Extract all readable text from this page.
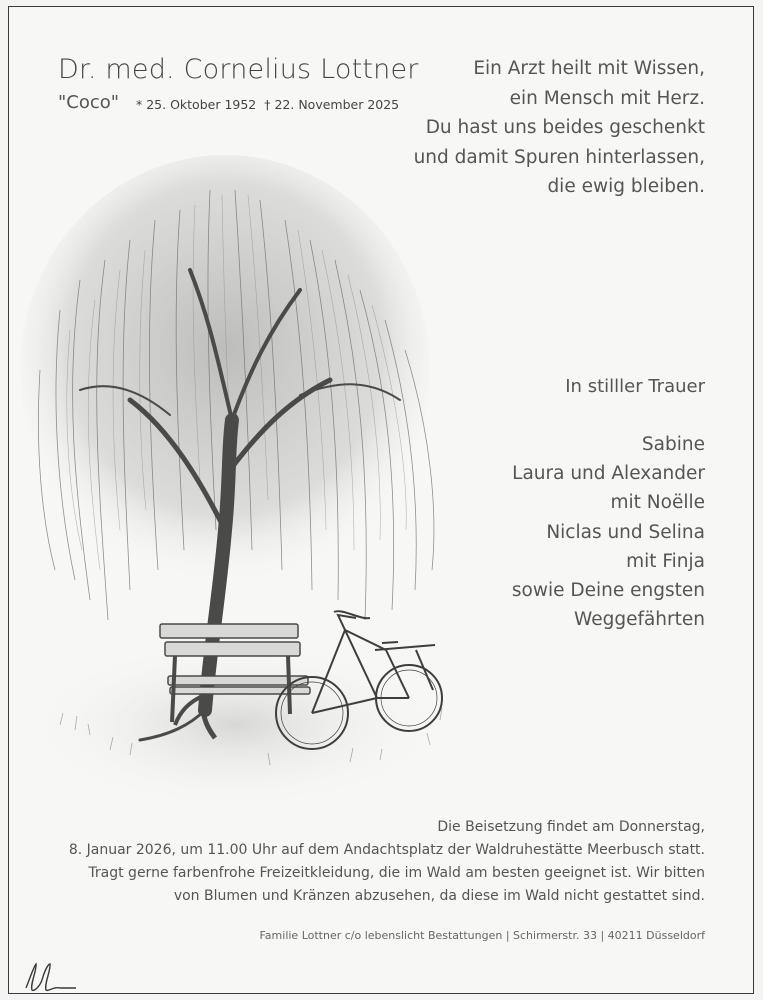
Dr. med. Cornelius Lottner
"Coco" * 25. Oktober 1952 † 22. November 2025
Ein Arzt heilt mit Wissen,
ein Mensch mit Herz.
Du hast uns beides geschenkt
und damit Spuren hinterlassen,
die ewig bleiben.
In stilller Trauer
Sabine
Laura und Alexander
mit Noëlle
Niclas und Selina
mit Finja
sowie Deine engsten
Weggefährten
Die Beisetzung findet am Donnerstag,
8. Januar 2026, um 11.00 Uhr auf dem Andachtsplatz der Waldruhestätte Meerbusch statt.
Tragt gerne farbenfrohe Freizeitkleidung, die im Wald am besten geeignet ist. Wir bitten
von Blumen und Kränzen abzusehen, da diese im Wald nicht gestattet sind.
Familie Lottner c/o lebenslicht Bestattungen | Schirmerstr. 33 | 40211 Düsseldorf
